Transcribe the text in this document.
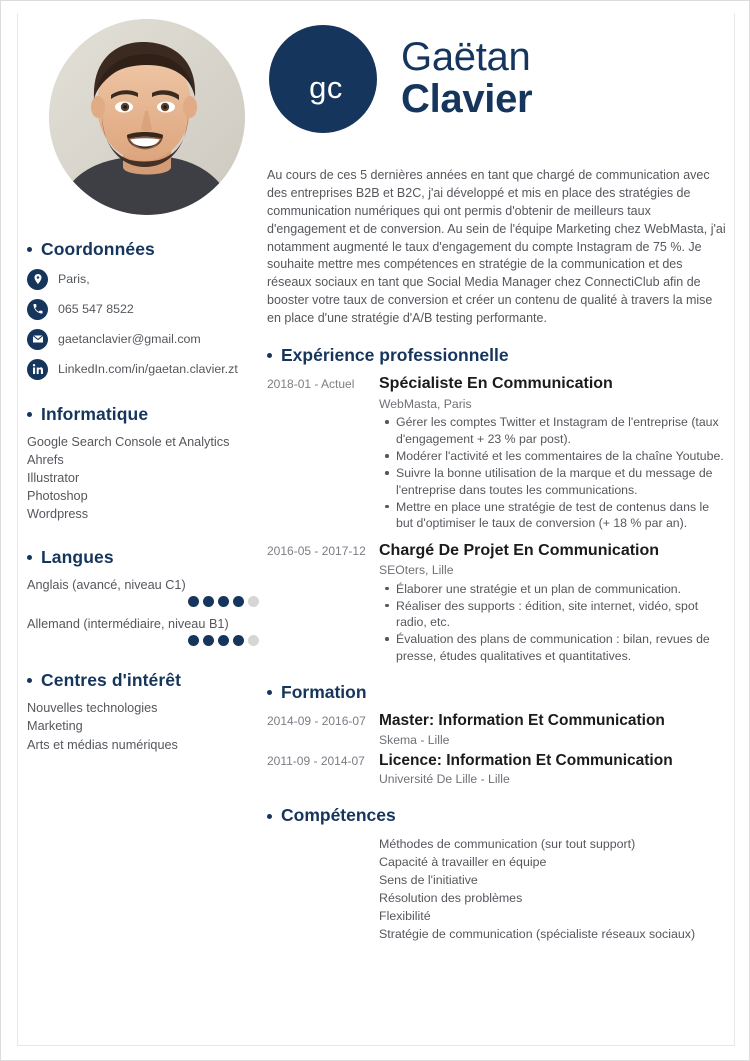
Coordonnées
Paris,
065 547 8522
gaetanclavier@gmail.com
LinkedIn.com/in/gaetan.clavier.zt
Informatique
Google Search Console et Analytics
Ahrefs
Illustrator
Photoshop
Wordpress
Langues
Anglais (avancé, niveau C1)
Allemand (intermédiaire, niveau B1)
Centres d'intérêt
Nouvelles technologies
Marketing
Arts et médias numériques
gc
Gaëtan
Clavier
Au cours de ces 5 dernières années en tant que chargé de communication avec des entreprises B2B et B2C, j'ai développé et mis en place des stratégies de communication numériques qui ont permis d'obtenir de meilleurs taux d'engagement et de conversion. Au sein de l'équipe Marketing chez WebMasta, j'ai notamment augmenté le taux d'engagement du compte Instagram de 75 %. Je souhaite mettre mes compétences en stratégie de la communication et des réseaux sociaux en tant que Social Media Manager chez ConnectiClub afin de booster votre taux de conversion et créer un contenu de qualité à travers la mise en place d'une stratégie d'A/B testing performante.
Expérience professionnelle
2018-01 - Actuel	Spécialiste En Communication
WebMasta, Paris
Gérer les comptes Twitter et Instagram de l'entreprise (taux d'engagement + 23 % par post).
Modérer l'activité et les commentaires de la chaîne Youtube.
Suivre la bonne utilisation de la marque et du message de l'entreprise dans toutes les communications.
Mettre en place une stratégie de test de contenus dans le but d'optimiser le taux de conversion (+ 18 % par an).
2016-05 - 2017-12 Chargé De Projet En Communication
SEOters, Lille
Élaborer une stratégie et un plan de communication.
Réaliser des supports : édition, site internet, vidéo, spot radio, etc.
Évaluation des plans de communication : bilan, revues de presse, études qualitatives et quantitatives.
Formation
2014-09 - 2016-07 Master: Information Et Communication
Skema - Lille
2011-09 - 2014-07 Licence: Information Et Communication
Université De Lille - Lille
Compétences
Méthodes de communication (sur tout support)
Capacité à travailler en équipe
Sens de l'initiative
Résolution des problèmes
Flexibilité
Stratégie de communication (spécialiste réseaux sociaux)
